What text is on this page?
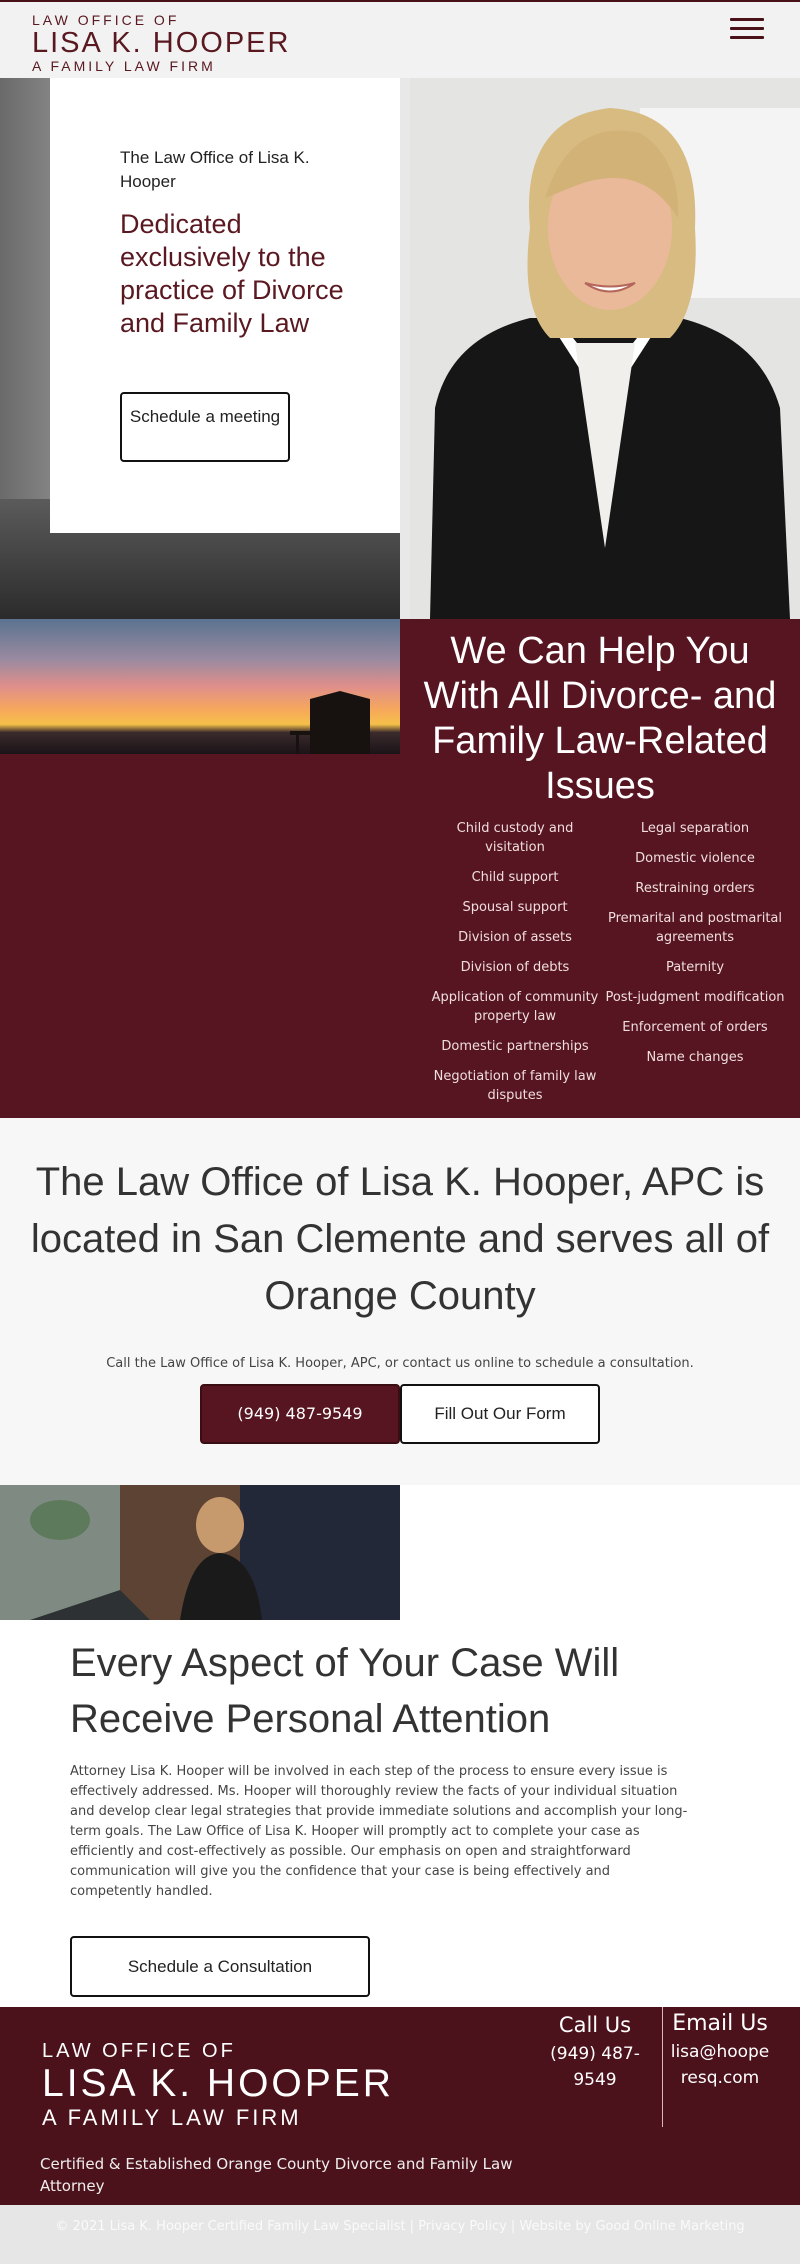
LAW OFFICE OF
LISA K. HOOPER
A FAMILY LAW FIRM
The Law Office of Lisa K. Hooper
Dedicated exclusively to the practice of Divorce and Family Law
Schedule a meeting
We Can Help You With All Divorce- and Family Law-Related Issues
Child custody and visitation
Child support
Spousal support
Division of assets
Division of debts
Application of community property law
Domestic partnerships
Negotiation of family law disputes
Legal separation
Domestic violence
Restraining orders
Premarital and postmarital agreements
Paternity
Post-judgment modification
Enforcement of orders
Name changes
The Law Office of Lisa K. Hooper, APC is located in San Clemente and serves all of Orange County
Call the Law Office of Lisa K. Hooper, APC, or contact us online to schedule a consultation.
(949) 487-9549	Fill Out Our Form
Every Aspect of Your Case Will Receive Personal Attention

Attorney Lisa K. Hooper will be involved in each step of the process to ensure every issue is effectively addressed. Ms. Hooper will thoroughly review the facts of your individual situation and develop clear legal strategies that provide immediate solutions and accomplish your long-term goals. The Law Office of Lisa K. Hooper will promptly act to complete your case as efficiently and cost-effectively as possible. Our emphasis on open and straightforward communication will give you the confidence that your case is being effectively and competently handled.

Schedule a Consultation
LAW OFFICE OF
LISA K. HOOPER
A FAMILY LAW FIRM
Certified & Established Orange County Divorce and Family Law Attorney
Call Us
(949) 487-9549
Email Us
lisa@hooperesq.com
© 2021 Lisa K. Hooper Certified Family Law Specialist | Privacy Policy | Website by Good Online Marketing
